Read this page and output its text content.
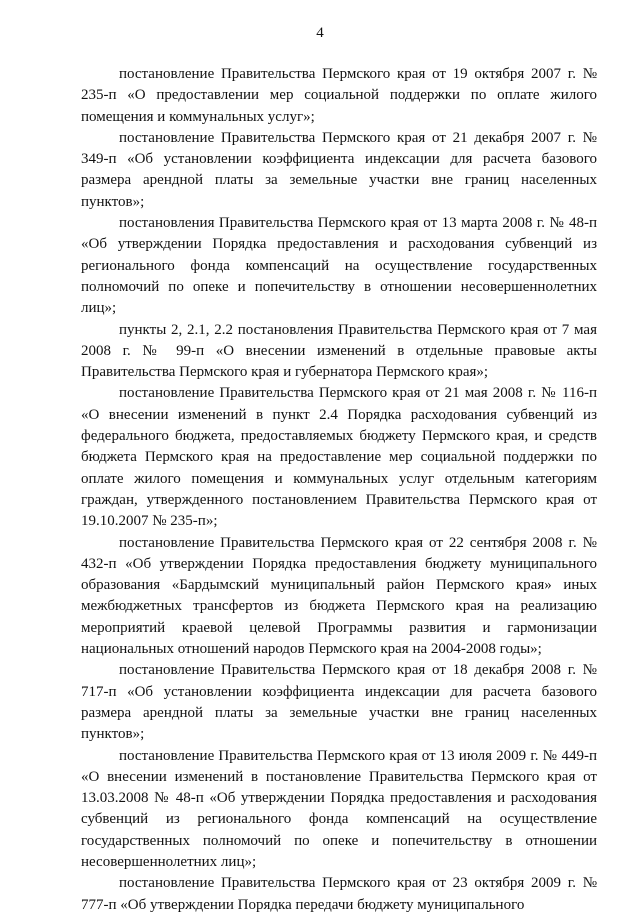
4

постановление Правительства Пермского края от 19 октября 2007 г. № 235-п «О предоставлении мер социальной поддержки по оплате жилого помещения и коммунальных услуг»;

постановление Правительства Пермского края от 21 декабря 2007 г. № 349-п «Об установлении коэффициента индексации для расчета базового размера арендной платы за земельные участки вне границ населенных пунктов»;

постановления Правительства Пермского края от 13 марта 2008 г. № 48-п «Об утверждении Порядка предоставления и расходования субвенций из регионального фонда компенсаций на осуществление государственных полномочий по опеке и попечительству в отношении несовершеннолетних лиц»;

пункты 2, 2.1, 2.2 постановления Правительства Пермского края от 7 мая 2008 г. № 99-п «О внесении изменений в отдельные правовые акты Правительства Пермского края и губернатора Пермского края»;

постановление Правительства Пермского края от 21 мая 2008 г. № 116-п «О внесении изменений в пункт 2.4 Порядка расходования субвенций из федерального бюджета, предоставляемых бюджету Пермского края, и средств бюджета Пермского края на предоставление мер социальной поддержки по оплате жилого помещения и коммунальных услуг отдельным категориям граждан, утвержденного постановлением Правительства Пермского края от 19.10.2007 № 235-п»;

постановление Правительства Пермского края от 22 сентября 2008 г. № 432-п «Об утверждении Порядка предоставления бюджету муниципального образования «Бардымский муниципальный район Пермского края» иных межбюджетных трансфертов из бюджета Пермского края на реализацию мероприятий краевой целевой Программы развития и гармонизации национальных отношений народов Пермского края на 2004-2008 годы»;

постановление Правительства Пермского края от 18 декабря 2008 г. № 717-п «Об установлении коэффициента индексации для расчета базового размера арендной платы за земельные участки вне границ населенных пунктов»;

постановление Правительства Пермского края от 13 июля 2009 г. № 449-п «О внесении изменений в постановление Правительства Пермского края от 13.03.2008 № 48-п «Об утверждении Порядка предоставления и расходования субвенций из регионального фонда компенсаций на осуществление государственных полномочий по опеке и попечительству в отношении несовершеннолетних лиц»;

постановление Правительства Пермского края от 23 октября 2009 г. № 777-п «Об утверждении Порядка передачи бюджету муниципального
